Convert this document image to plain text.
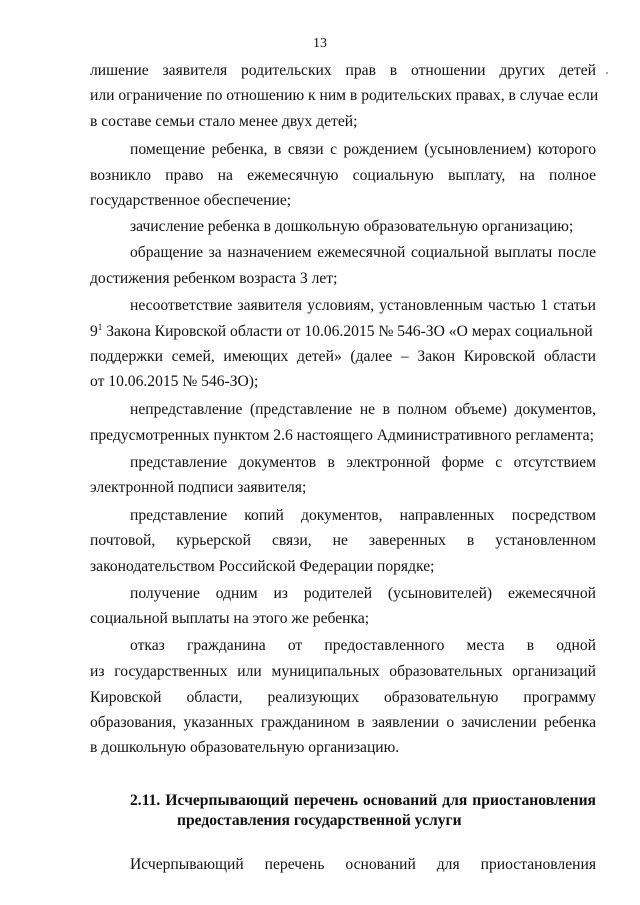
13
лишение заявителя родительских прав в отношении других детей
или ограничение по отношению к ним в родительских правах, в случае если
в составе семьи стало менее двух детей;
помещение ребенка, в связи с рождением (усыновлением) которого
возникло право на ежемесячную социальную выплату, на полное
государственное обеспечение;
зачисление ребенка в дошкольную образовательную организацию;
обращение за назначением ежемесячной социальной выплаты после
достижения ребенком возраста 3 лет;
несоответствие заявителя условиям, установленным частью 1 статьи
$9^1$ Закона Кировской области от 10.06.2015 № 546-ЗО «О мерах социальной
поддержки семей, имеющих детей» (далее – Закон Кировской области
от 10.06.2015 № 546-ЗО);
непредставление (представление не в полном объеме) документов,
предусмотренных пунктом 2.6 настоящего Административного регламента;
представление документов в электронной форме с отсутствием
электронной подписи заявителя;
представление копий документов, направленных посредством
почтовой, курьерской связи, не заверенных в установленном
законодательством Российской Федерации порядке;
получение одним из родителей (усыновителей) ежемесячной
социальной выплаты на этого же ребенка;
отказ гражданина от предоставленного места в одной
из государственных или муниципальных образовательных организаций
Кировской области, реализующих образовательную программу
образования, указанных гражданином в заявлении о зачислении ребенка
в дошкольную образовательную организацию.
2.11. Исчерпывающий перечень оснований для приостановления
предоставления государственной услуги
Исчерпывающий перечень оснований для приостановления
